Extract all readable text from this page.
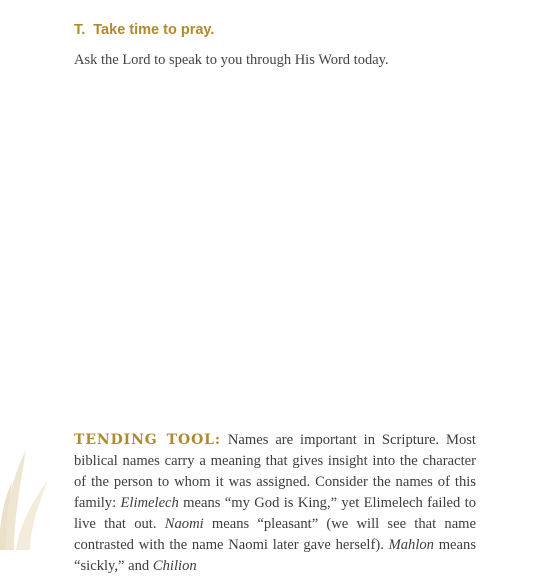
T. Take time to pray.

Ask the Lord to speak to you through His Word today.

TENDING TOOL: Names are important in Scripture. Most biblical names carry a meaning that gives insight into the character of the person to whom it was assigned. Consider the names of this family: Elimelech means “my God is King,” yet Elimelech failed to live that out. Naomi means “pleasant” (we will see that name contrasted with the name Naomi later gave herself). Mahlon means “sickly,” and Chilion
